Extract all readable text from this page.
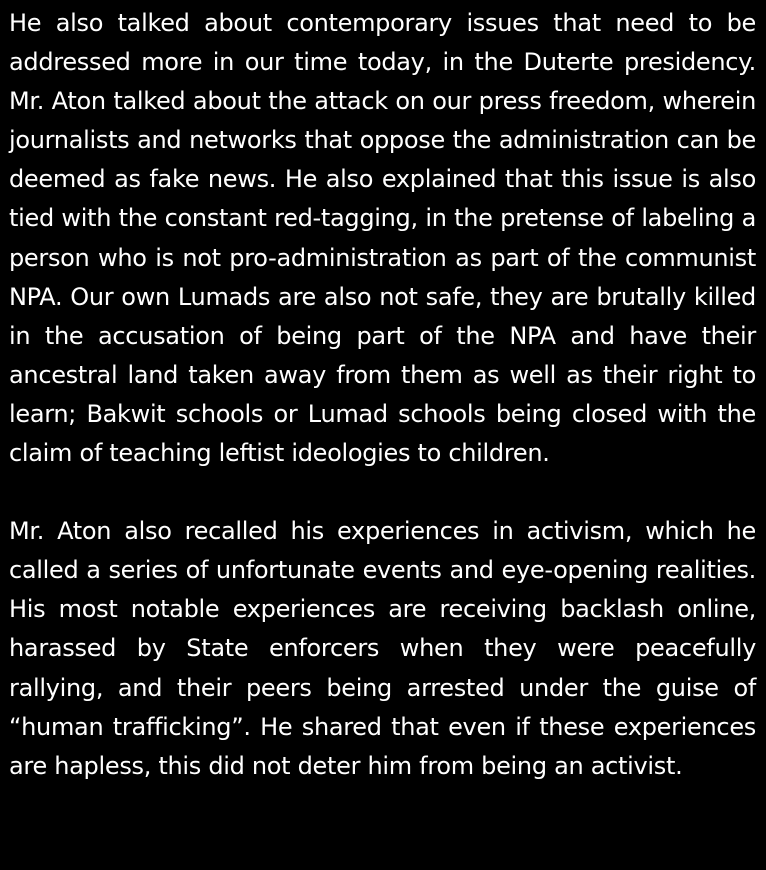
He also talked about contemporary issues that need to be addressed more in our time today, in the Duterte presidency. Mr. Aton talked about the attack on our press freedom, wherein journalists and networks that oppose the administration can be deemed as fake news. He also explained that this issue is also tied with the constant red-tagging, in the pretense of labeling a person who is not pro-administration as part of the communist NPA. Our own Lumads are also not safe, they are brutally killed in the accusation of being part of the NPA and have their ancestral land taken away from them as well as their right to learn; Bakwit schools or Lumad schools being closed with the claim of teaching leftist ideologies to children.

Mr. Aton also recalled his experiences in activism, which he called a series of unfortunate events and eye-opening realities. His most notable experiences are receiving backlash online, harassed by State enforcers when they were peacefully rallying, and their peers being arrested under the guise of “human trafficking”. He shared that even if these experiences are hapless, this did not deter him from being an activist.
